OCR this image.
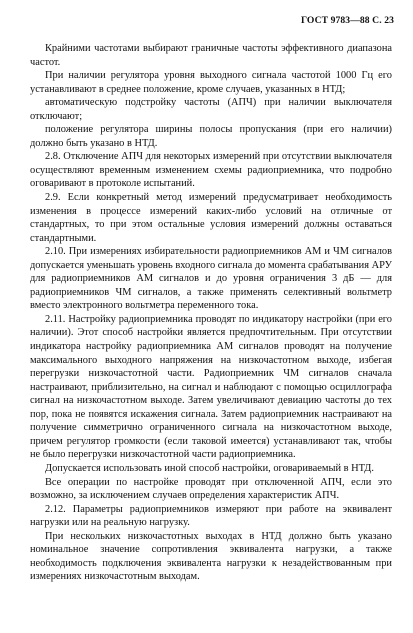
ГОСТ 9783—88 С. 23

Крайними частотами выбирают граничные частоты эффективного диапазона частот.

При наличии регулятора уровня выходного сигнала частотой 1000 Гц его устанавливают в среднее положение, кроме случаев, указанных в НТД;

автоматическую подстройку частоты (АПЧ) при наличии выключателя отключают;

положение регулятора ширины полосы пропускания (при его наличии) должно быть указано в НТД.

2.8. Отключение АПЧ для некоторых измерений при отсутствии выключателя осуществляют временным изменением схемы радиоприемника, что подробно оговаривают в протоколе испытаний.

2.9. Если конкретный метод измерений предусматривает необходимость изменения в процессе измерений каких-либо условий на отличные от стандартных, то при этом остальные условия измерений должны оставаться стандартными.

2.10. При измерениях избирательности радиоприемников АМ и ЧМ сигналов допускается уменьшать уровень входного сигнала до момента срабатывания АРУ для радиоприемников АМ сигналов и до уровня ограничения 3 дБ — для радиоприемников ЧМ сигналов, а также применять селективный вольтметр вместо электронного вольтметра переменного тока.

2.11. Настройку радиоприемника проводят по индикатору настройки (при его наличии). Этот способ настройки является предпочтительным. При отсутствии индикатора настройку радиоприемника АМ сигналов проводят на получение максимального выходного напряжения на низкочастотном выходе, избегая перегрузки низкочастотной части. Радиоприемник ЧМ сигналов сначала настраивают, приблизительно, на сигнал и наблюдают с помощью осциллографа сигнал на низкочастотном выходе. Затем увеличивают девиацию частоты до тех пор, пока не появятся искажения сигнала. Затем радиоприемник настраивают на получение симметрично ограниченного сигнала на низкочастотном выходе, причем регулятор громкости (если таковой имеется) устанавливают так, чтобы не было перегрузки низкочастотной части радиоприемника.

Допускается использовать иной способ настройки, оговариваемый в НТД.

Все операции по настройке проводят при отключенной АПЧ, если это возможно, за исключением случаев определения характеристик АПЧ.

2.12. Параметры радиоприемников измеряют при работе на эквивалент нагрузки или на реальную нагрузку.

При нескольких низкочастотных выходах в НТД должно быть указано номинальное значение сопротивления эквивалента нагрузки, а также необходимость подключения эквивалента нагрузки к незадействованным при измерениях низкочастотным выходам.
